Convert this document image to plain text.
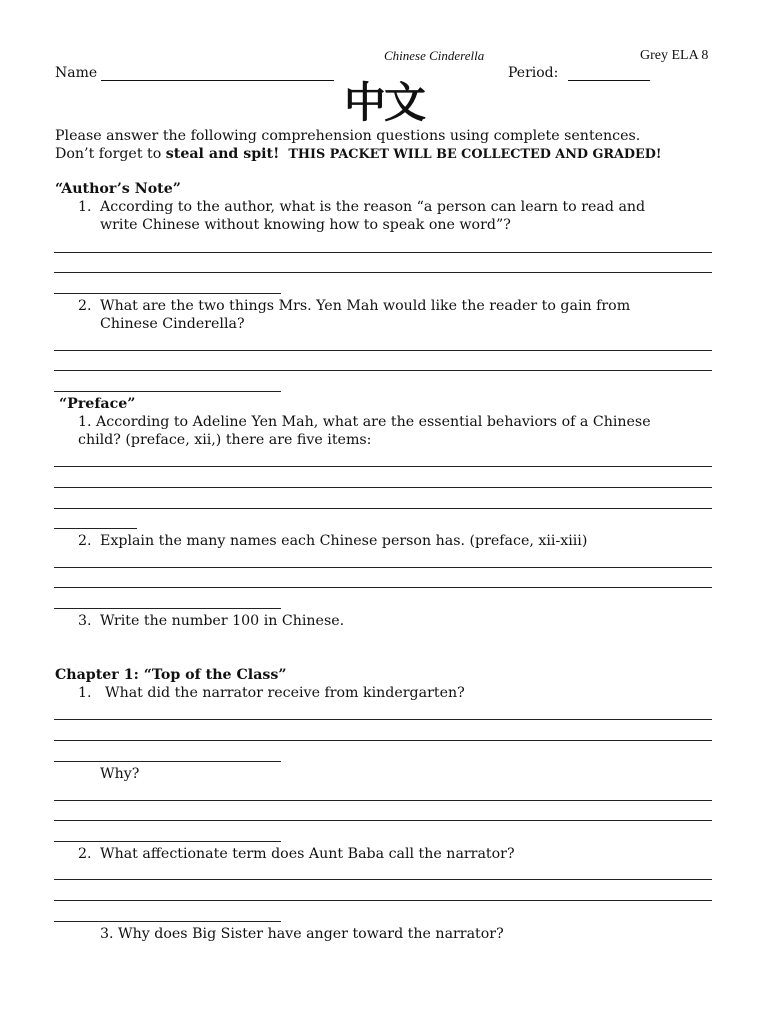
Chinese Cinderella	Grey ELA 8
Name	Period:
中文
Please answer the following comprehension questions using complete sentences.
Don’t forget to steal and spit! THIS PACKET WILL BE COLLECTED AND GRADED!
“Author’s Note”
1. According to the author, what is the reason “a person can learn to read and
write Chinese without knowing how to speak one word”?
2. What are the two things Mrs. Yen Mah would like the reader to gain from
Chinese Cinderella?
“Preface”
1. According to Adeline Yen Mah, what are the essential behaviors of a Chinese
child? (preface, xii,) there are five items:
2. Explain the many names each Chinese person has. (preface, xii-xiii)
3. Write the number 100 in Chinese.
Chapter 1: “Top of the Class”
1. What did the narrator receive from kindergarten?
Why?
2. What affectionate term does Aunt Baba call the narrator?
3. Why does Big Sister have anger toward the narrator?
